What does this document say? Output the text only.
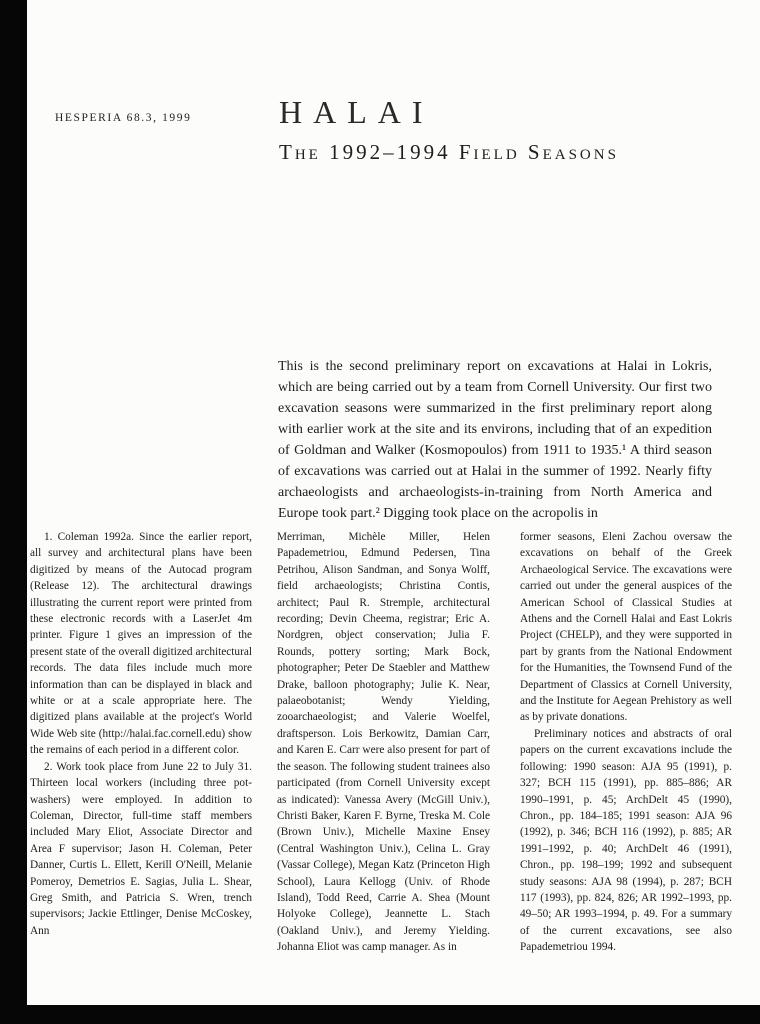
HESPERIA 68.3, 1999	HALAI
The 1992–1994 Field Seasons
This is the second preliminary report on excavations at Halai in Lokris, which are being carried out by a team from Cornell University. Our first two excavation seasons were summarized in the first preliminary report along with earlier work at the site and its environs, including that of an expedition of Goldman and Walker (Kosmopoulos) from 1911 to 1935.¹ A third season of excavations was carried out at Halai in the summer of 1992. Nearly fifty archaeologists and archaeologists-in-training from North America and Europe took part.² Digging took place on the acropolis in

1. Coleman 1992a. Since the earlier report, all survey and architectural plans have been digitized by means of the Autocad program (Release 12). The architectural drawings illustrating the current report were printed from these electronic records with a LaserJet 4m printer. Figure 1 gives an impression of the present state of the overall digitized architectural records. The data files include much more information than can be displayed in black and white or at a scale appropriate here. The digitized plans available at the project's World Wide Web site (http://halai.fac.cornell.edu) show the remains of each period in a different color.

2. Work took place from June 22 to July 31. Thirteen local workers (including three pot-washers) were employed. In addition to Coleman, Director, full-time staff members included Mary Eliot, Associate Director and Area F supervisor; Jason H. Coleman, Peter Danner, Curtis L. Ellett, Kerill O'Neill, Melanie Pomeroy, Demetrios E. Sagias, Julia L. Shear, Greg Smith, and Patricia S. Wren, trench supervisors; Jackie Ettlinger, Denise McCoskey, Ann

Merriman, Michèle Miller, Helen Papademetriou, Edmund Pedersen, Tina Petrihou, Alison Sandman, and Sonya Wolff, field archaeologists; Christina Contis, architect; Paul R. Stremple, architectural recording; Devin Cheema, registrar; Eric A. Nordgren, object conservation; Julia F. Rounds, pottery sorting; Mark Bock, photographer; Peter De Staebler and Matthew Drake, balloon photography; Julie K. Near, palaeobotanist; Wendy Yielding, zooarchaeologist; and Valerie Woelfel, draftsperson. Lois Berkowitz, Damian Carr, and Karen E. Carr were also present for part of the season. The following student trainees also participated (from Cornell University except as indicated): Vanessa Avery (McGill Univ.), Christi Baker, Karen F. Byrne, Treska M. Cole (Brown Univ.), Michelle Maxine Ensey (Central Washington Univ.), Celina L. Gray (Vassar College), Megan Katz (Princeton High School), Laura Kellogg (Univ. of Rhode Island), Todd Reed, Carrie A. Shea (Mount Holyoke College), Jeannette L. Stach (Oakland Univ.), and Jeremy Yielding. Johanna Eliot was camp manager. As in

former seasons, Eleni Zachou oversaw the excavations on behalf of the Greek Archaeological Service. The excavations were carried out under the general auspices of the American School of Classical Studies at Athens and the Cornell Halai and East Lokris Project (CHELP), and they were supported in part by grants from the National Endowment for the Humanities, the Townsend Fund of the Department of Classics at Cornell University, and the Institute for Aegean Prehistory as well as by private donations.

Preliminary notices and abstracts of oral papers on the current excavations include the following: 1990 season: AJA 95 (1991), p. 327; BCH 115 (1991), pp. 885–886; AR 1990–1991, p. 45; ArchDelt 45 (1990), Chron., pp. 184–185; 1991 season: AJA 96 (1992), p. 346; BCH 116 (1992), p. 885; AR 1991–1992, p. 40; ArchDelt 46 (1991), Chron., pp. 198–199; 1992 and subsequent study seasons: AJA 98 (1994), p. 287; BCH 117 (1993), pp. 824, 826; AR 1992–1993, pp. 49–50; AR 1993–1994, p. 49. For a summary of the current excavations, see also Papademetriou 1994.
